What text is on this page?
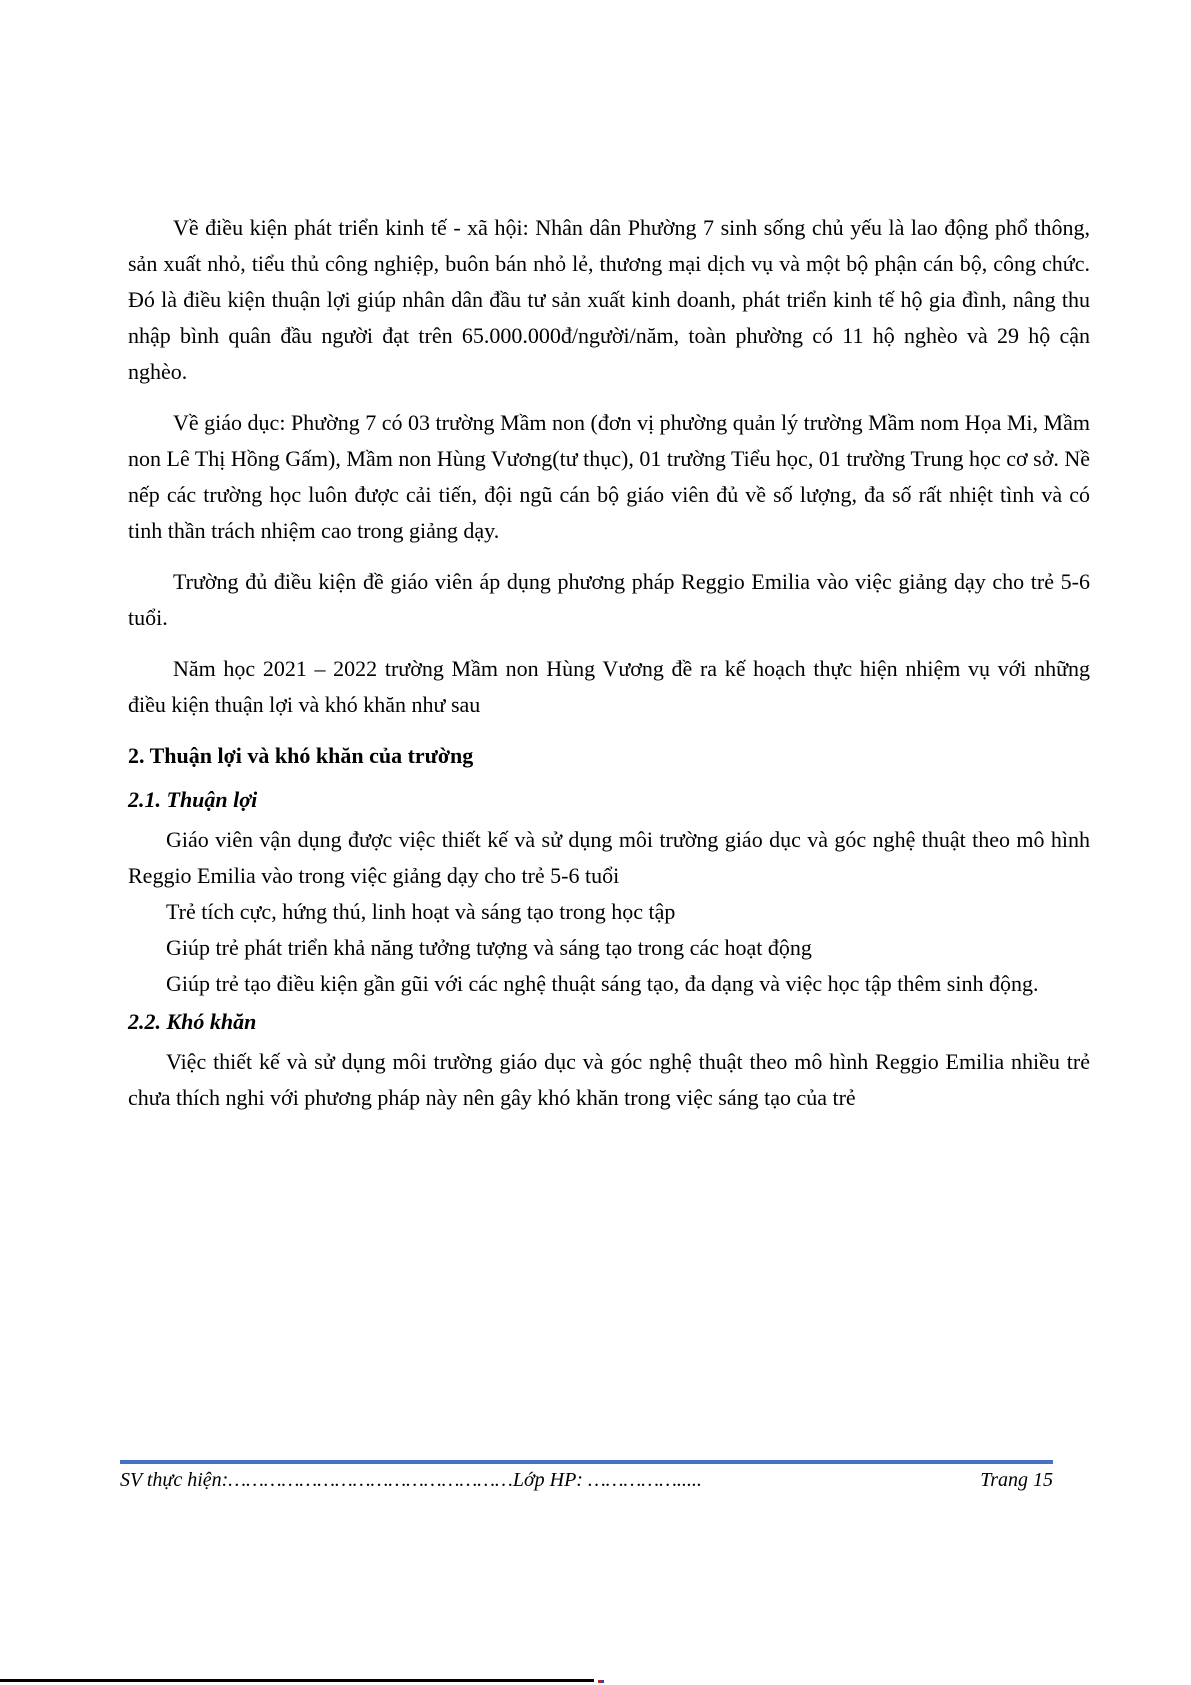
Về điều kiện phát triển kinh tế - xã hội: Nhân dân Phường 7 sinh sống chủ yếu là lao động phổ thông, sản xuất nhỏ, tiểu thủ công nghiệp, buôn bán nhỏ lẻ, thương mại dịch vụ và một bộ phận cán bộ, công chức. Đó là điều kiện thuận lợi giúp nhân dân đầu tư sản xuất kinh doanh, phát triển kinh tế hộ gia đình, nâng thu nhập bình quân đầu người đạt trên 65.000.000đ/người/năm, toàn phường có 11 hộ nghèo và 29 hộ cận nghèo.

Về giáo dục: Phường 7 có 03 trường Mầm non (đơn vị phường quản lý trường Mầm nom Họa Mi, Mầm non Lê Thị Hồng Gấm), Mầm non Hùng Vương(tư thục), 01 trường Tiểu học, 01 trường Trung học cơ sở. Nề nếp các trường học luôn được cải tiến, đội ngũ cán bộ giáo viên đủ về số lượng, đa số rất nhiệt tình và có tinh thần trách nhiệm cao trong giảng dạy.

Trường đủ điều kiện đề giáo viên áp dụng phương pháp Reggio Emilia vào việc giảng dạy cho trẻ 5-6 tuổi.

Năm học 2021 – 2022 trường Mầm non Hùng Vương đề ra kế hoạch thực hiện nhiệm vụ với những điều kiện thuận lợi và khó khăn như sau

2. Thuận lợi và khó khăn của trường

2.1. Thuận lợi

Giáo viên vận dụng được việc thiết kế và sử dụng môi trường giáo dục và góc nghệ thuật theo mô hình Reggio Emilia vào trong việc giảng dạy cho trẻ 5-6 tuổi

Trẻ tích cực, hứng thú, linh hoạt và sáng tạo trong học tập

Giúp trẻ phát triển khả năng tưởng tượng và sáng tạo trong các hoạt động

Giúp trẻ tạo điều kiện gần gũi với các nghệ thuật sáng tạo, đa dạng và việc học tập thêm sinh động.

2.2. Khó khăn

Việc thiết kế và sử dụng môi trường giáo dục và góc nghệ thuật theo mô hình Reggio Emilia nhiều trẻ chưa thích nghi với phương pháp này nên gây khó khăn trong việc sáng tạo của trẻ

SV thực hiện:…………………………………………Lớp HP: …………….....	Trang 15
